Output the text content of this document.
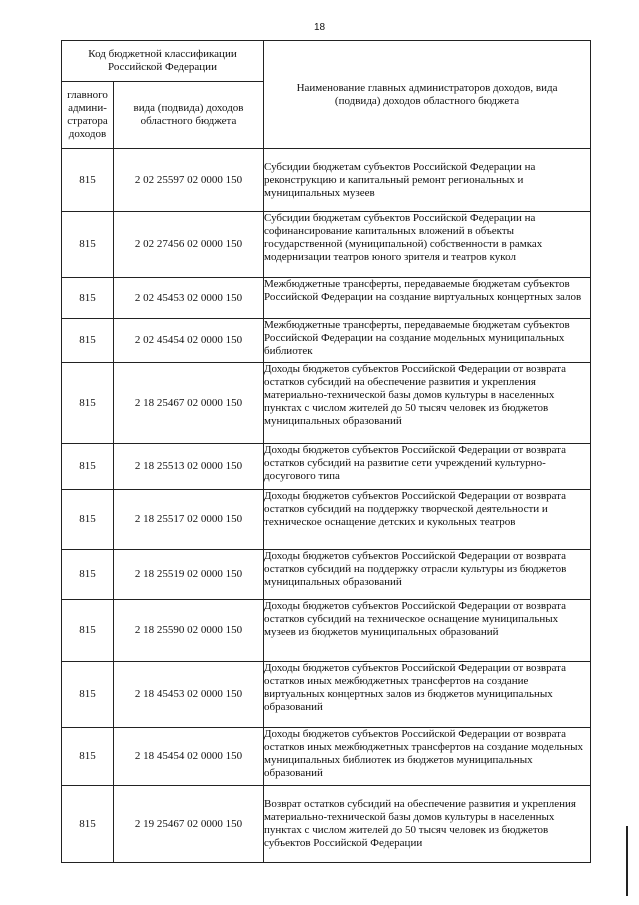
18
Код бюджетной классификации Российской Федерации		Наименование главных администраторов доходов, вида (подвида) доходов областного бюджета
главного админи-стратора доходов	вида (подвида) доходов областного бюджета	
815	2 02 25597 02 0000 150	Субсидии бюджетам субъектов Российской Федерации на реконструкцию и капитальный ремонт региональных и муниципальных музеев
815	2 02 27456 02 0000 150	Субсидии бюджетам субъектов Российской Федерации на софинансирование капитальных вложений в объекты государственной (муниципальной) собственности в рамках модернизации театров юного зрителя и театров кукол
815	2 02 45453 02 0000 150	Межбюджетные трансферты, передаваемые бюджетам субъектов Российской Федерации на создание виртуальных концертных залов
815	2 02 45454 02 0000 150	Межбюджетные трансферты, передаваемые бюджетам субъектов Российской Федерации на создание модельных муниципальных библиотек
815	2 18 25467 02 0000 150	Доходы бюджетов субъектов Российской Федерации от возврата остатков субсидий на обеспечение развития и укрепления материально-технической базы домов культуры в населенных пунктах с числом жителей до 50 тысяч человек из бюджетов муниципальных образований
815	2 18 25513 02 0000 150	Доходы бюджетов субъектов Российской Федерации от возврата остатков субсидий на развитие сети учреждений культурно-досугового типа
815	2 18 25517 02 0000 150	Доходы бюджетов субъектов Российской Федерации от возврата остатков субсидий на поддержку творческой деятельности и техническое оснащение детских и кукольных театров
815	2 18 25519 02 0000 150	Доходы бюджетов субъектов Российской Федерации от возврата остатков субсидий на поддержку отрасли культуры из бюджетов муниципальных образований
815	2 18 25590 02 0000 150	Доходы бюджетов субъектов Российской Федерации от возврата остатков субсидий на техническое оснащение муниципальных музеев из бюджетов муниципальных образований
815	2 18 45453 02 0000 150	Доходы бюджетов субъектов Российской Федерации от возврата остатков иных межбюджетных трансфертов на создание виртуальных концертных залов из бюджетов муниципальных образований
815	2 18 45454 02 0000 150	Доходы бюджетов субъектов Российской Федерации от возврата остатков иных межбюджетных трансфертов на создание модельных муниципальных библиотек из бюджетов муниципальных образований
815	2 19 25467 02 0000 150	Возврат остатков субсидий на обеспечение развития и укрепления материально-технической базы домов культуры в населенных пунктах с числом жителей до 50 тысяч человек из бюджетов субъектов Российской Федерации
